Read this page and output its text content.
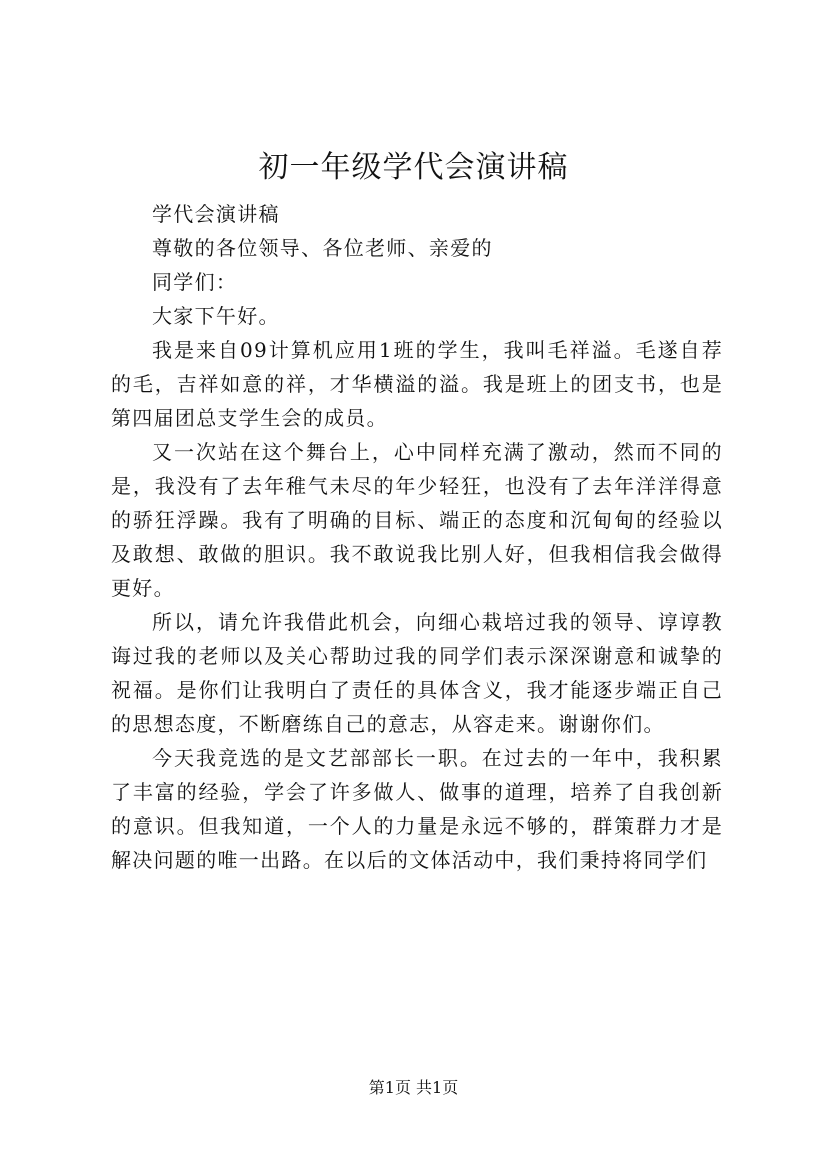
初一年级学代会演讲稿

学代会演讲稿

尊敬的各位领导、各位老师、亲爱的

同学们：

大家下午好。

我是来自09计算机应用1班的学生，我叫毛祥溢。毛遂自荐的毛，吉祥如意的祥，才华横溢的溢。我是班上的团支书，也是第四届团总支学生会的成员。

又一次站在这个舞台上，心中同样充满了激动，然而不同的是，我没有了去年稚气未尽的年少轻狂，也没有了去年洋洋得意的骄狂浮躁。我有了明确的目标、端正的态度和沉甸甸的经验以及敢想、敢做的胆识。我不敢说我比别人好，但我相信我会做得更好。

所以，请允许我借此机会，向细心栽培过我的领导、谆谆教诲过我的老师以及关心帮助过我的同学们表示深深谢意和诚挚的祝福。是你们让我明白了责任的具体含义，我才能逐步端正自己的思想态度，不断磨练自己的意志，从容走来。谢谢你们。

今天我竞选的是文艺部部长一职。在过去的一年中，我积累了丰富的经验，学会了许多做人、做事的道理，培养了自我创新的意识。但我知道，一个人的力量是永远不够的，群策群力才是解决问题的唯一出路。在以后的文体活动中，我们秉持将同学们

第1页 共1页
